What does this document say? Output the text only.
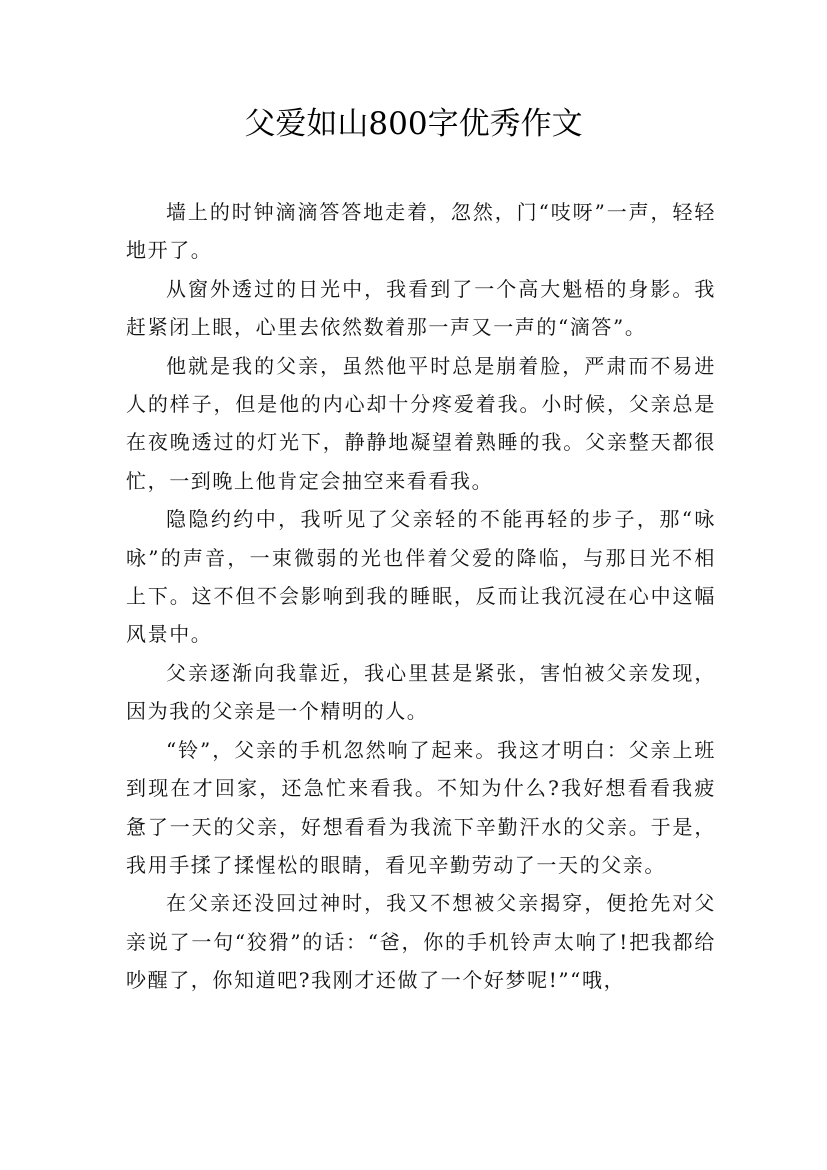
父爱如山800字优秀作文

墙上的时钟滴滴答答地走着，忽然，门“吱呀”一声，轻轻地开了。

从窗外透过的日光中，我看到了一个高大魁梧的身影。我赶紧闭上眼，心里去依然数着那一声又一声的“滴答”。

他就是我的父亲，虽然他平时总是崩着脸，严肃而不易进人的样子，但是他的内心却十分疼爱着我。小时候，父亲总是在夜晚透过的灯光下，静静地凝望着熟睡的我。父亲整天都很忙，一到晚上他肯定会抽空来看看我。

隐隐约约中，我听见了父亲轻的不能再轻的步子，那“咏咏”的声音，一束微弱的光也伴着父爱的降临，与那日光不相上下。这不但不会影响到我的睡眠，反而让我沉浸在心中这幅风景中。

父亲逐渐向我靠近，我心里甚是紧张，害怕被父亲发现，因为我的父亲是一个精明的人。

“铃”，父亲的手机忽然响了起来。我这才明白：父亲上班到现在才回家，还急忙来看我。不知为什么?我好想看看我疲惫了一天的父亲，好想看看为我流下辛勤汗水的父亲。于是，我用手揉了揉惺松的眼睛，看见辛勤劳动了一天的父亲。

在父亲还没回过神时，我又不想被父亲揭穿，便抢先对父亲说了一句“狡猾”的话：“爸，你的手机铃声太响了!把我都给吵醒了，你知道吧?我刚才还做了一个好梦呢!”“哦，
